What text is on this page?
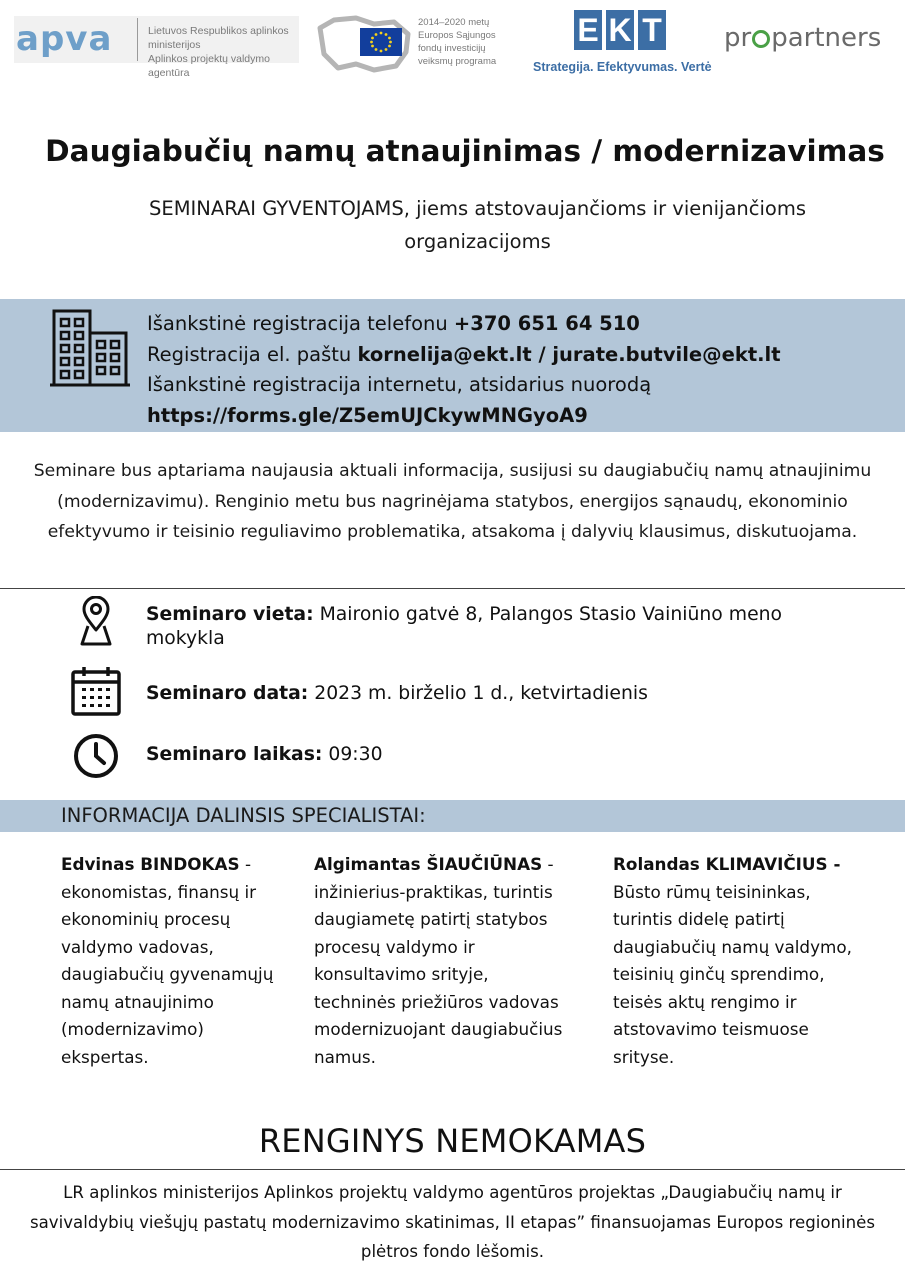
apva	Lietuvos Respublikos aplinkos ministerijos
Aplinkos projektų valdymo agentūra
2014–2020 metų
Europos Sąjungos
fondų investicijų
veiksmų programa
E K T
Strategija. Efektyvumas. Vertė
pr partners
Daugiabučių namų atnaujinimas / modernizavimas
SEMINARAI GYVENTOJAMS, jiems atstovaujančioms ir vienijančioms organizacijoms
Išankstinė registracija telefonu +370 651 64 510
Registracija el. paštu kornelija@ekt.lt / jurate.butvile@ekt.lt
Išankstinė registracija internetu, atsidarius nuorodą
https://forms.gle/Z5emUJCkywMNGyoA9
Seminare bus aptariama naujausia aktuali informacija, susijusi su daugiabučių namų atnaujinimu (modernizavimu). Renginio metu bus nagrinėjama statybos, energijos sąnaudų, ekonominio efektyvumo ir teisinio reguliavimo problematika, atsakoma į dalyvių klausimus, diskutuojama.
Seminaro vieta: Maironio gatvė 8, Palangos Stasio Vainiūno meno mokykla
Seminaro data: 2023 m. birželio 1 d., ketvirtadienis
Seminaro laikas: 09:30
INFORMACIJA DALINSIS SPECIALISTAI:
Edvinas BINDOKAS - ekonomistas, finansų ir ekonominių procesų valdymo vadovas, daugiabučių gyvenamųjų namų atnaujinimo (modernizavimo) ekspertas.
Algimantas ŠIAUČIŪNAS - inžinierius-praktikas, turintis daugiametę patirtį statybos procesų valdymo ir konsultavimo srityje, techninės priežiūros vadovas modernizuojant daugiabučius namus.
Rolandas KLIMAVIČIUS - Būsto rūmų teisininkas, turintis didelę patirtį daugiabučių namų valdymo, teisinių ginčų sprendimo, teisės aktų rengimo ir atstovavimo teismuose srityse.
RENGINYS NEMOKAMAS
LR aplinkos ministerijos Aplinkos projektų valdymo agentūros projektas „Daugiabučių namų ir savivaldybių viešųjų pastatų modernizavimo skatinimas, II etapas” finansuojamas Europos regioninės plėtros fondo lėšomis.
